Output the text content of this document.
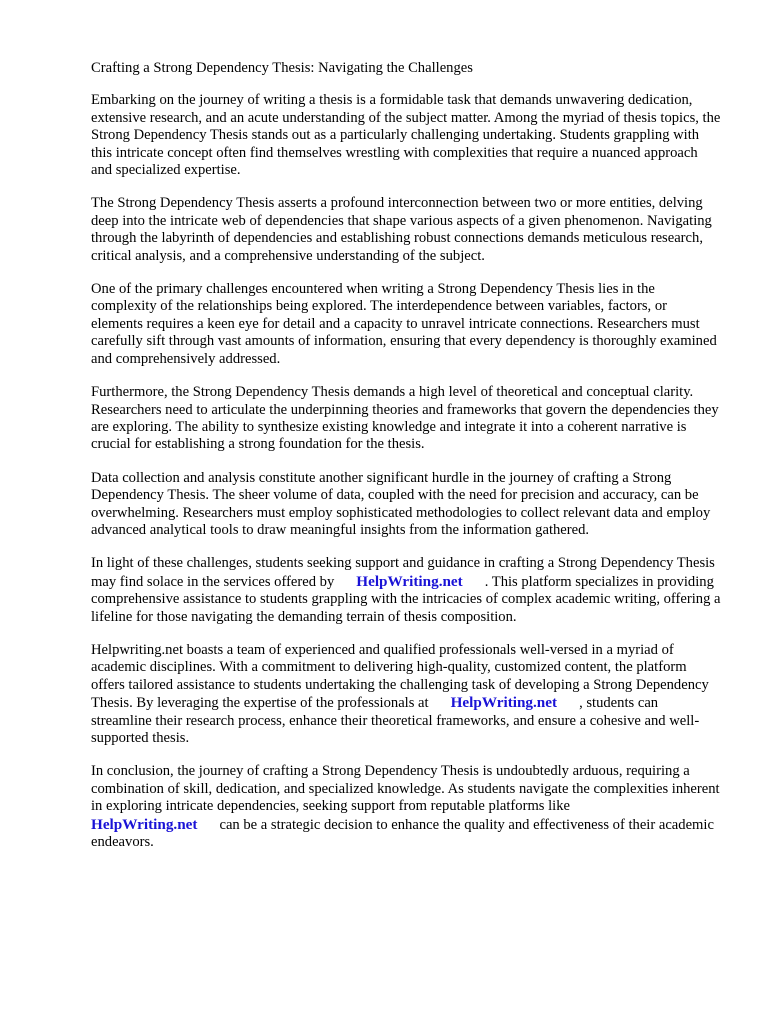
Crafting a Strong Dependency Thesis: Navigating the Challenges

Embarking on the journey of writing a thesis is a formidable task that demands unwavering dedication, extensive research, and an acute understanding of the subject matter. Among the myriad of thesis topics, the Strong Dependency Thesis stands out as a particularly challenging undertaking. Students grappling with this intricate concept often find themselves wrestling with complexities that require a nuanced approach and specialized expertise.

The Strong Dependency Thesis asserts a profound interconnection between two or more entities, delving deep into the intricate web of dependencies that shape various aspects of a given phenomenon. Navigating through the labyrinth of dependencies and establishing robust connections demands meticulous research, critical analysis, and a comprehensive understanding of the subject.

One of the primary challenges encountered when writing a Strong Dependency Thesis lies in the complexity of the relationships being explored. The interdependence between variables, factors, or elements requires a keen eye for detail and a capacity to unravel intricate connections. Researchers must carefully sift through vast amounts of information, ensuring that every dependency is thoroughly examined and comprehensively addressed.

Furthermore, the Strong Dependency Thesis demands a high level of theoretical and conceptual clarity. Researchers need to articulate the underpinning theories and frameworks that govern the dependencies they are exploring. The ability to synthesize existing knowledge and integrate it into a coherent narrative is crucial for establishing a strong foundation for the thesis.

Data collection and analysis constitute another significant hurdle in the journey of crafting a Strong Dependency Thesis. The sheer volume of data, coupled with the need for precision and accuracy, can be overwhelming. Researchers must employ sophisticated methodologies to collect relevant data and employ advanced analytical tools to draw meaningful insights from the information gathered.

In light of these challenges, students seeking support and guidance in crafting a Strong Dependency Thesis may find solace in the services offered by HelpWriting.net . This platform specializes in providing comprehensive assistance to students grappling with the intricacies of complex academic writing, offering a lifeline for those navigating the demanding terrain of thesis composition.

Helpwriting.net boasts a team of experienced and qualified professionals well-versed in a myriad of academic disciplines. With a commitment to delivering high-quality, customized content, the platform offers tailored assistance to students undertaking the challenging task of developing a Strong Dependency Thesis. By leveraging the expertise of the professionals at HelpWriting.net , students can streamline their research process, enhance their theoretical frameworks, and ensure a cohesive and well-supported thesis.

In conclusion, the journey of crafting a Strong Dependency Thesis is undoubtedly arduous, requiring a combination of skill, dedication, and specialized knowledge. As students navigate the complexities inherent in exploring intricate dependencies, seeking support from reputable platforms like HelpWriting.net can be a strategic decision to enhance the quality and effectiveness of their academic endeavors.
